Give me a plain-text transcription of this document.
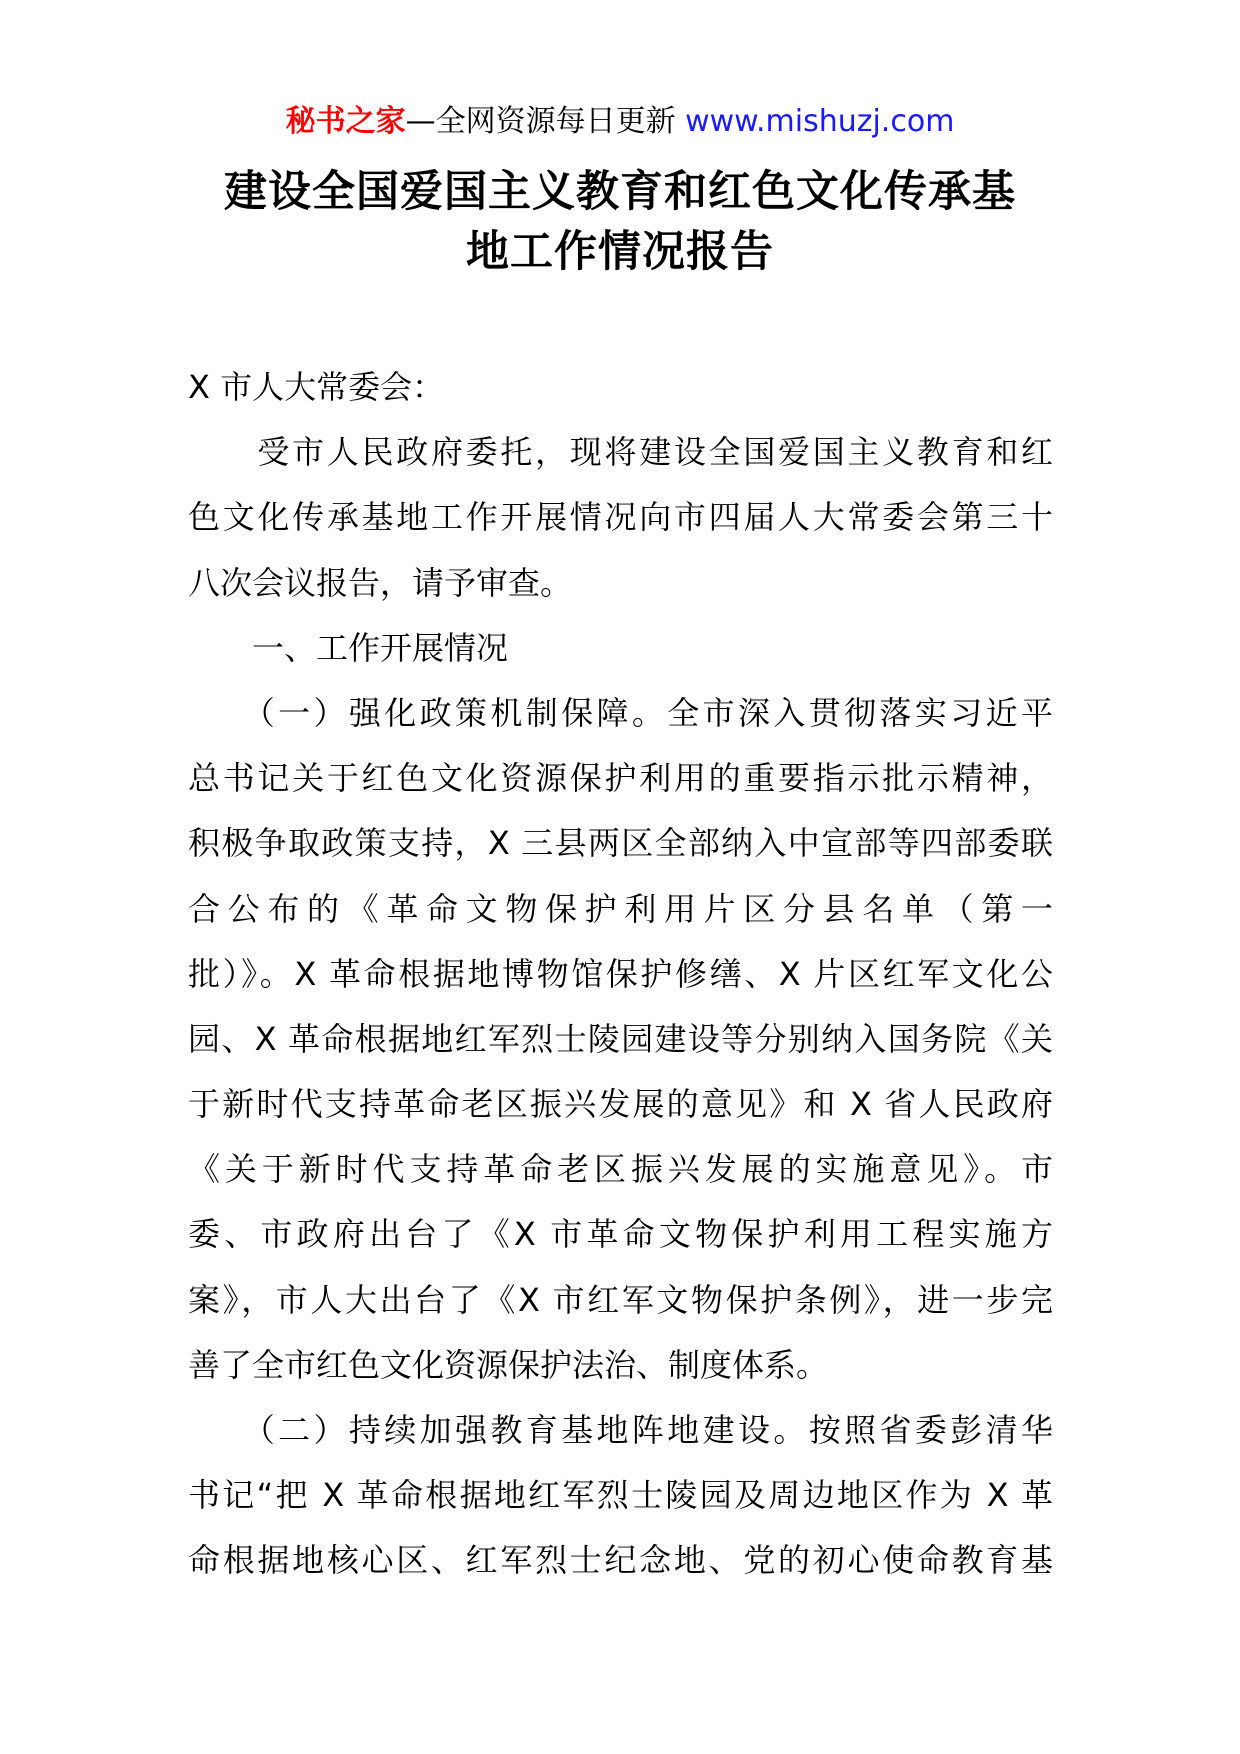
秘书之家—全网资源每日更新 www.mishuzj.com
建设全国爱国主义教育和红色文化传承基
地工作情况报告
X 市人大常委会：
　　受市人民政府委托，现将建设全国爱国主义教育和红
色文化传承基地工作开展情况向市四届人大常委会第三十
八次会议报告，请予审查。
　　一、工作开展情况
　　（一）强化政策机制保障。全市深入贯彻落实习近平
总书记关于红色文化资源保护利用的重要指示批示精神，
积极争取政策支持，X 三县两区全部纳入中宣部等四部委联
合公布的《革命文物保护利用片区分县名单（第一
批）》。X 革命根据地博物馆保护修缮、X 片区红军文化公
园、X 革命根据地红军烈士陵园建设等分别纳入国务院《关
于新时代支持革命老区振兴发展的意见》和 X 省人民政府
《关于新时代支持革命老区振兴发展的实施意见》。市
委、市政府出台了《X 市革命文物保护利用工程实施方
案》，市人大出台了《X 市红军文物保护条例》，进一步完
善了全市红色文化资源保护法治、制度体系。
　　（二）持续加强教育基地阵地建设。按照省委彭清华
书记“把 X 革命根据地红军烈士陵园及周边地区作为 X 革
命根据地核心区、红军烈士纪念地、党的初心使命教育基
